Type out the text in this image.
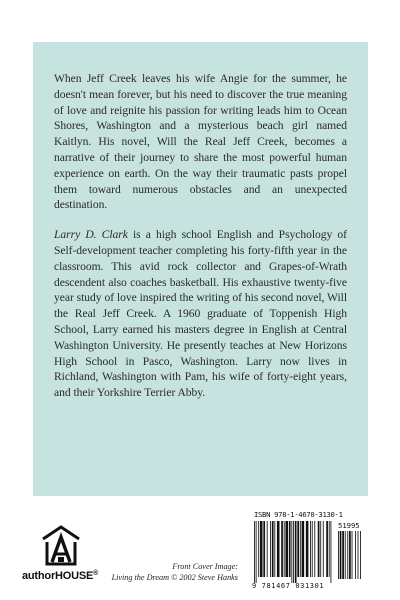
When Jeff Creek leaves his wife Angie for the summer, he doesn't mean forever, but his need to discover the true meaning of love and reignite his passion for writing leads him to Ocean Shores, Washington and a mysterious beach girl named Kaitlyn. His novel, Will the Real Jeff Creek, becomes a narrative of their journey to share the most powerful human experience on earth. On the way their traumatic pasts propel them toward numerous obstacles and an unexpected destination.

Larry D. Clark is a high school English and Psychology of Self-development teacher completing his forty-fifth year in the classroom. This avid rock collector and Grapes-of-Wrath descendent also coaches basketball. His exhaustive twenty-five year study of love inspired the writing of his second novel, Will the Real Jeff Creek. A 1960 graduate of Toppenish High School, Larry earned his masters degree in English at Central Washington University. He presently teaches at New Horizons High School in Pasco, Washington. Larry now lives in Richland, Washington with Pam, his wife of forty-eight years, and their Yorkshire Terrier Abby.

authorHOUSE®
Front Cover Image:
Living the Dream © 2002 Steve Hanks
ISBN 978-1-4670-3130-1
51995
9 781467 031301
